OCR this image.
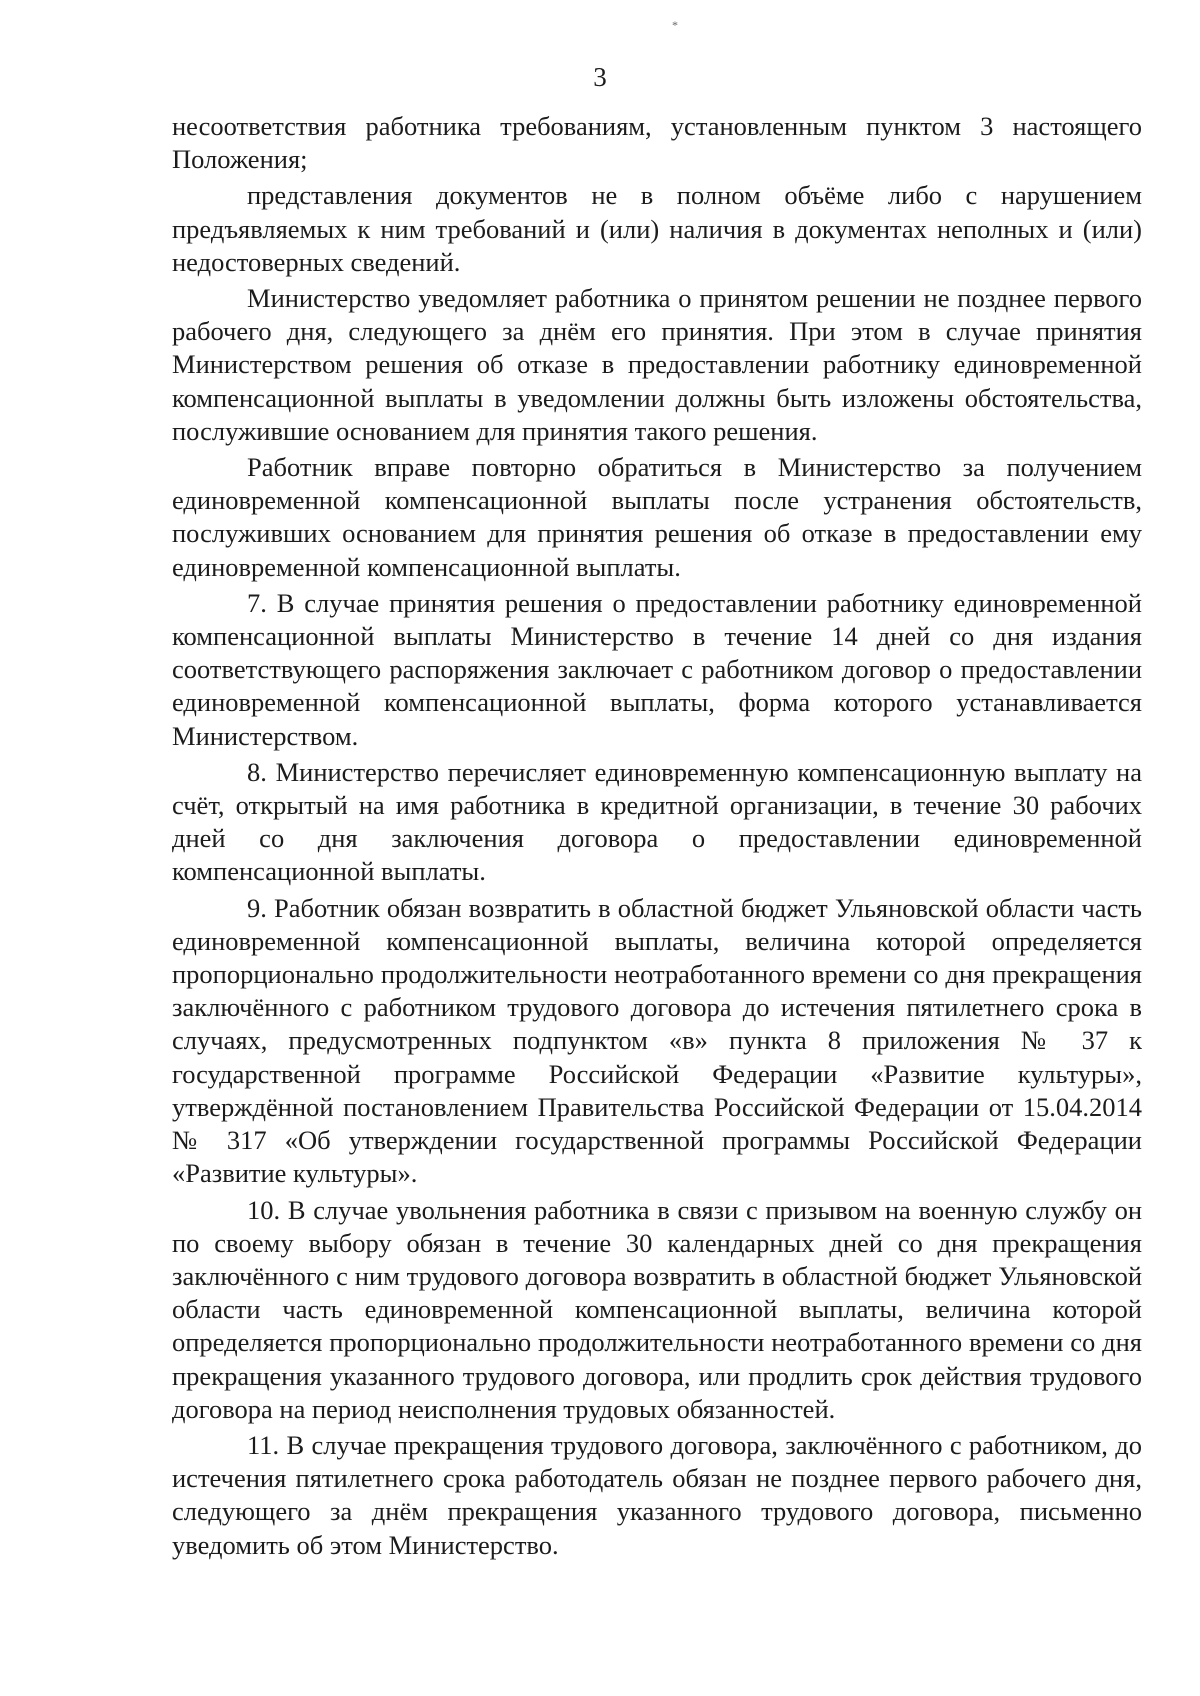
*
3

несоответствия работника требованиям, установленным пунктом 3 настоящего Положения;

представления документов не в полном объёме либо с нарушением предъявляемых к ним требований и (или) наличия в документах неполных и (или) недостоверных сведений.

Министерство уведомляет работника о принятом решении не позднее первого рабочего дня, следующего за днём его принятия. При этом в случае принятия Министерством решения об отказе в предоставлении работнику единовременной компенсационной выплаты в уведомлении должны быть изложены обстоятельства, послужившие основанием для принятия такого решения.

Работник вправе повторно обратиться в Министерство за получением единовременной компенсационной выплаты после устранения обстоятельств, послуживших основанием для принятия решения об отказе в предоставлении ему единовременной компенсационной выплаты.

7. В случае принятия решения о предоставлении работнику единовременной компенсационной выплаты Министерство в течение 14 дней со дня издания соответствующего распоряжения заключает с работником договор о предоставлении единовременной компенсационной выплаты, форма которого устанавливается Министерством.

8. Министерство перечисляет единовременную компенсационную выплату на счёт, открытый на имя работника в кредитной организации, в течение 30 рабочих дней со дня заключения договора о предоставлении единовременной компенсационной выплаты.

9. Работник обязан возвратить в областной бюджет Ульяновской области часть единовременной компенсационной выплаты, величина которой определяется пропорционально продолжительности неотработанного времени со дня прекращения заключённого с работником трудового договора до истечения пятилетнего срока в случаях, предусмотренных подпунктом «в» пункта 8 приложения № 37 к государственной программе Российской Федерации «Развитие культуры», утверждённой постановлением Правительства Российской Федерации от 15.04.2014 № 317 «Об утверждении государственной программы Российской Федерации «Развитие культуры».

10. В случае увольнения работника в связи с призывом на военную службу он по своему выбору обязан в течение 30 календарных дней со дня прекращения заключённого с ним трудового договора возвратить в областной бюджет Ульяновской области часть единовременной компенсационной выплаты, величина которой определяется пропорционально продолжительности неотработанного времени со дня прекращения указанного трудового договора, или продлить срок действия трудового договора на период неисполнения трудовых обязанностей.

11. В случае прекращения трудового договора, заключённого с работником, до истечения пятилетнего срока работодатель обязан не позднее первого рабочего дня, следующего за днём прекращения указанного трудового договора, письменно уведомить об этом Министерство.
